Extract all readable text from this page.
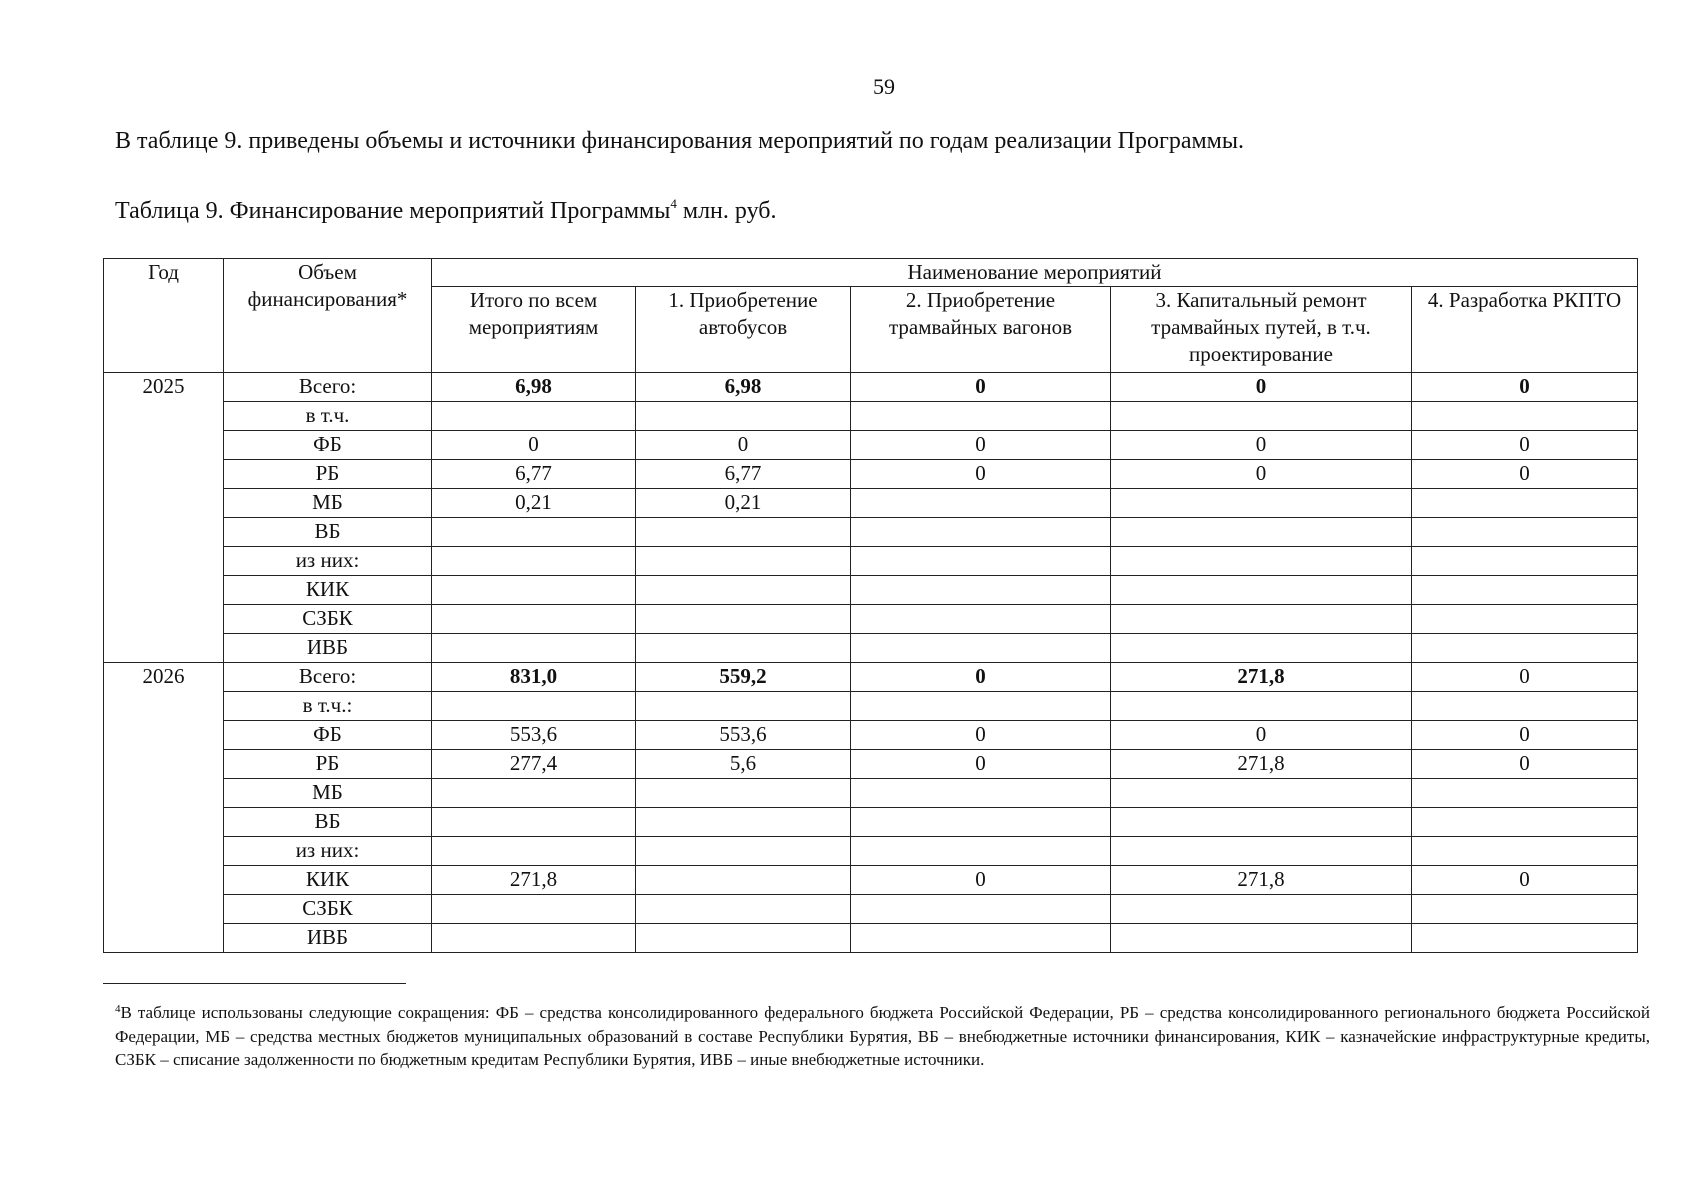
59
В таблице 9. приведены объемы и источники финансирования мероприятий по годам реализации Программы.
Таблица 9. Финансирование мероприятий Программы$^4$ млн. руб.
Год	Объем финансирования*	Наименование мероприятий				
		Итого по всем мероприятиям	1. Приобретение автобусов	2. Приобретение трамвайных вагонов	3. Капитальный ремонт трамвайных путей, в т.ч. проектирование	4. Разработка РКПТО
2025	Всего:	6,98	6,98	0	0	0
	в т.ч.					
	ФБ	0	0	0	0	0
	РБ	6,77	6,77	0	0	0
	МБ	0,21	0,21			
	ВБ					
	из них:					
	КИК					
	СЗБК					
	ИВБ					
2026	Всего:	831,0	559,2	0	271,8	0
	в т.ч.:					
	ФБ	553,6	553,6	0	0	0
	РБ	277,4	5,6	0	271,8	0
	МБ					
	ВБ					
	из них:					
	КИК	271,8		0	271,8	0
	СЗБК					
	ИВБ					
$^4$В таблице использованы следующие сокращения: ФБ – средства консолидированного федерального бюджета Российской Федерации, РБ – средства консолидированного регионального бюджета Российской Федерации, МБ – средства местных бюджетов муниципальных образований в составе Республики Бурятия, ВБ – внебюджетные источники финансирования, КИК – казначейские инфраструктурные кредиты, СЗБК – списание задолженности по бюджетным кредитам Республики Бурятия, ИВБ – иные внебюджетные источники.
